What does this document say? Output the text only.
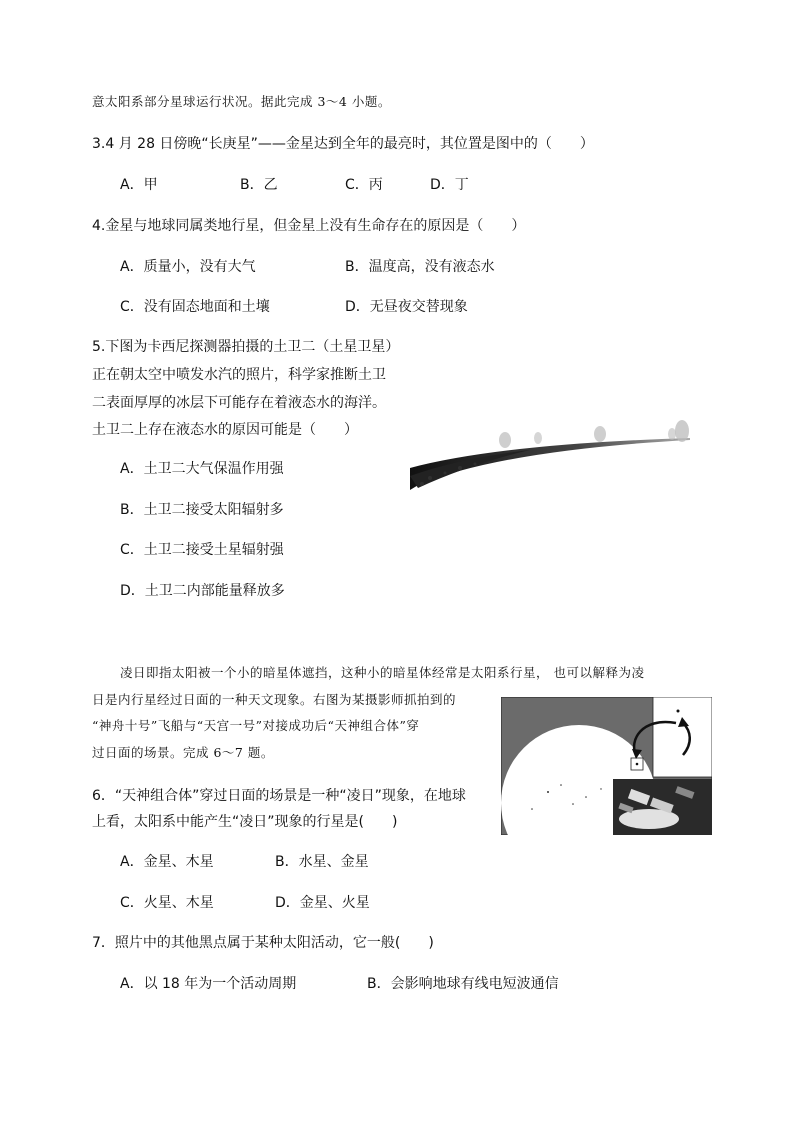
意太阳系部分星球运行状况。据此完成 3～4 小题。
3.4 月 28 日傍晚“长庚星”——金星达到全年的最亮时，其位置是图中的（　　）
A．甲	B．乙	C．丙	D．丁
4.金星与地球同属类地行星，但金星上没有生命存在的原因是（　　）
A．质量小，没有大气	B．温度高，没有液态水
C．没有固态地面和土壤	D．无昼夜交替现象
5.下图为卡西尼探测器拍摄的土卫二（土星卫星）
正在朝太空中喷发水汽的照片，科学家推断土卫
二表面厚厚的冰层下可能存在着液态水的海洋。
土卫二上存在液态水的原因可能是（　　）
A．土卫二大气保温作用强
B．土卫二接受太阳辐射多
C．土卫二接受土星辐射强
D．土卫二内部能量释放多
凌日即指太阳被一个小的暗星体遮挡，这种小的暗星体经常是太阳系行星， 也可以解释为凌
日是内行星经过日面的一种天文现象。右图为某摄影师抓拍到的
“神舟十号”飞船与“天宫一号”对接成功后“天神组合体”穿
过日面的场景。完成 6～7 题。
6．“天神组合体”穿过日面的场景是一种“凌日”现象，在地球
上看，太阳系中能产生“凌日”现象的行星是(　　)
A．金星、木星	B．水星、金星
C．火星、木星	D．金星、火星
7．照片中的其他黑点属于某种太阳活动，它一般(　　)
A．以 18 年为一个活动周期	B．会影响地球有线电短波通信
